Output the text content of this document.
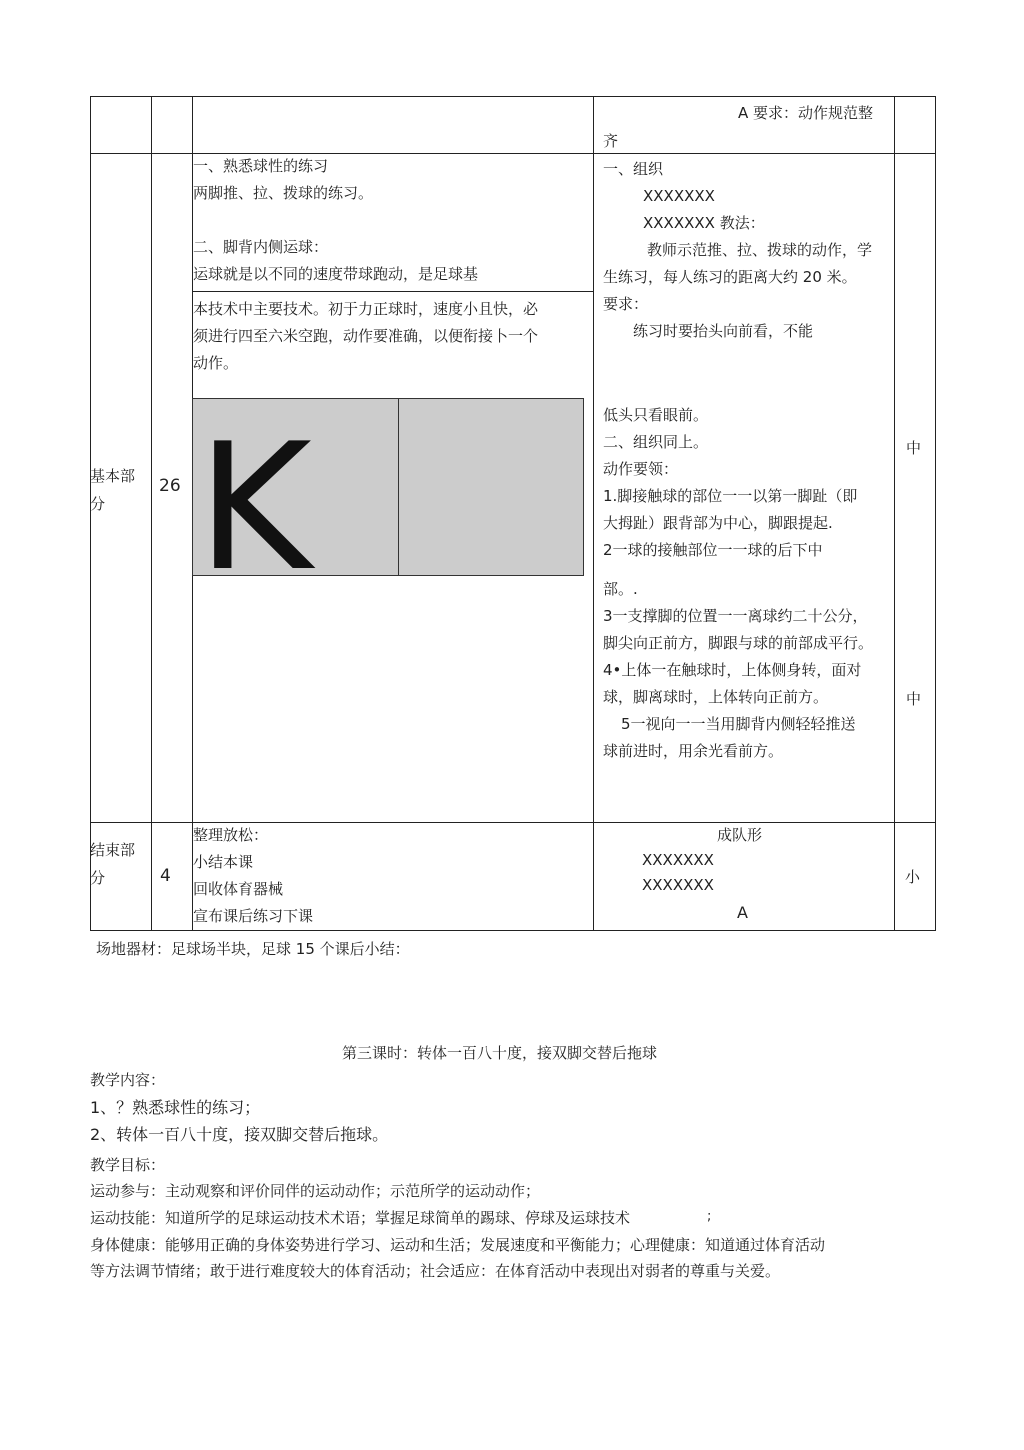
A 要求：动作规范整
齐
基本部
分
26
一、熟悉球性的练习
两脚推、拉、拨球的练习。
二、脚背内侧运球：
运球就是以不同的速度带球跑动，是足球基
本技术中主要技术。初于力正球时，速度小且快，必
须进行四至六米空跑，动作要准确，以便衔接卜一个
动作。
K
一、组织
XXXXXXX
XXXXXXX 教法：
教师示范推、拉、拨球的动作，学
生练习，每人练习的距离大约 20 米。
要求：
练习时要抬头向前看，不能
低头只看眼前。
二、组织同上。
动作要领：
1.脚接触球的部位一一以第一脚趾（即
大拇趾）跟背部为中心，脚跟提起.
2一球的接触部位一一球的后下中
部。.
3一支撑脚的位置一一离球约二十公分，
脚尖向正前方，脚跟与球的前部成平行。
4•上体一在触球时，上体侧身转，面对
球，脚离球时，上体转向正前方。
5一视向一一当用脚背内侧轻轻推送
球前进时，用余光看前方。
中
中
结束部
分	4
整理放松：
小结本课
回收体育器械
宣布课后练习下课
成队形
XXXXXXX
XXXXXXX
A
小
场地器材：足球场半块，足球 15 个课后小结：
第三课时：转体一百八十度，接双脚交替后拖球
教学内容：
1、？熟悉球性的练习；
2、转体一百八十度，接双脚交替后拖球。
教学目标：
运动参与：主动观察和评价同伴的运动动作；示范所学的运动动作；
运动技能：知道所学的足球运动技术术语；掌握足球简单的踢球、停球及运球技术	;
身体健康：能够用正确的身体姿势进行学习、运动和生活；发展速度和平衡能力；心理健康：知道通过体育活动
等方法调节情绪；敢于进行难度较大的体育活动；社会适应：在体育活动中表现出对弱者的尊重与关爱。
